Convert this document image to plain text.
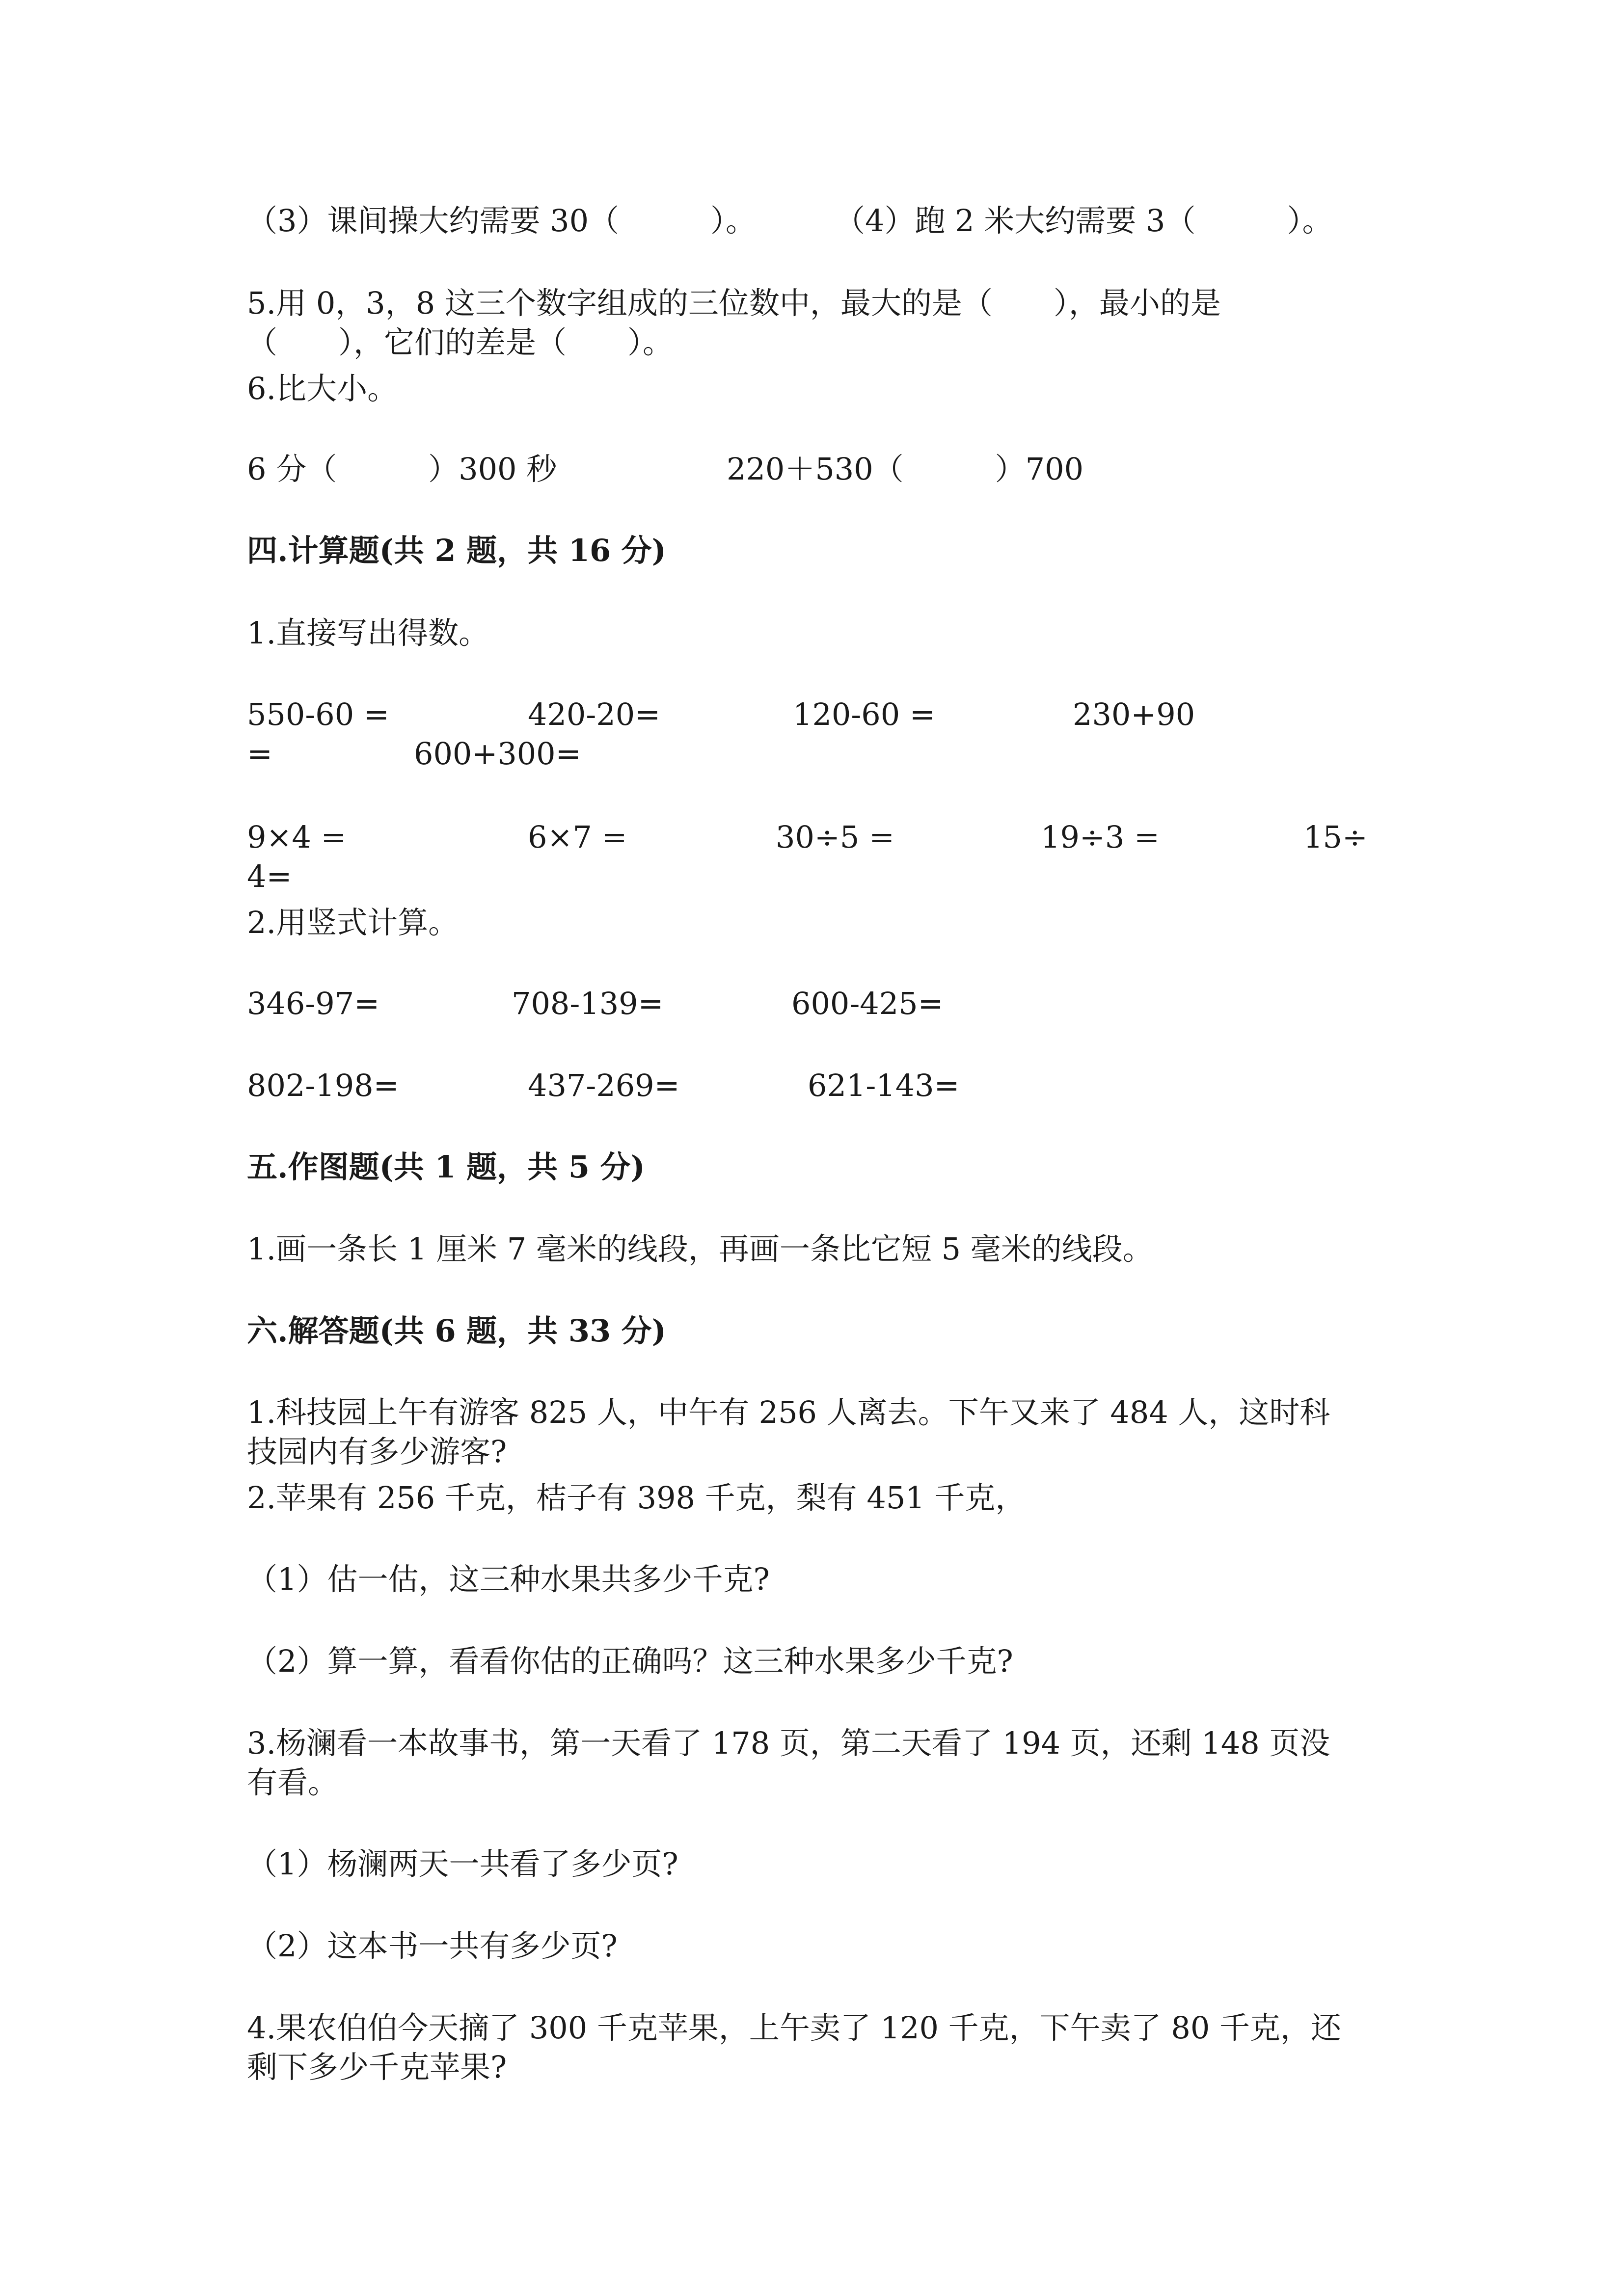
（3）课间操大约需要 30（　　　）。	（4）跑 2 米大约需要 3（　　　）。
5.用 0，3，8 这三个数字组成的三位数中，最大的是（　　），最小的是
（　　），它们的差是（　　）。
6.比大小。
6 分（　　　）300 秒	220＋530（　　　）700
四.计算题(共 2 题，共 16 分)
1.直接写出得数。
550-60 =	420-20=	120-60 =	230+90
=	600+300=
9×4 =	6×7 =	30÷5 =	19÷3 =	15÷
4=
2.用竖式计算。
346-97=	708-139=	600-425=
802-198=	437-269=	621-143=
五.作图题(共 1 题，共 5 分)
1.画一条长 1 厘米 7 毫米的线段，再画一条比它短 5 毫米的线段。
六.解答题(共 6 题，共 33 分)
1.科技园上午有游客 825 人，中午有 256 人离去。下午又来了 484 人，这时科
技园内有多少游客?
2.苹果有 256 千克，桔子有 398 千克，梨有 451 千克，
（1）估一估，这三种水果共多少千克?
（2）算一算，看看你估的正确吗？这三种水果多少千克?
3.杨澜看一本故事书，第一天看了 178 页，第二天看了 194 页，还剩 148 页没
有看。
（1）杨澜两天一共看了多少页?
（2）这本书一共有多少页?
4.果农伯伯今天摘了 300 千克苹果，上午卖了 120 千克，下午卖了 80 千克，还
剩下多少千克苹果?
